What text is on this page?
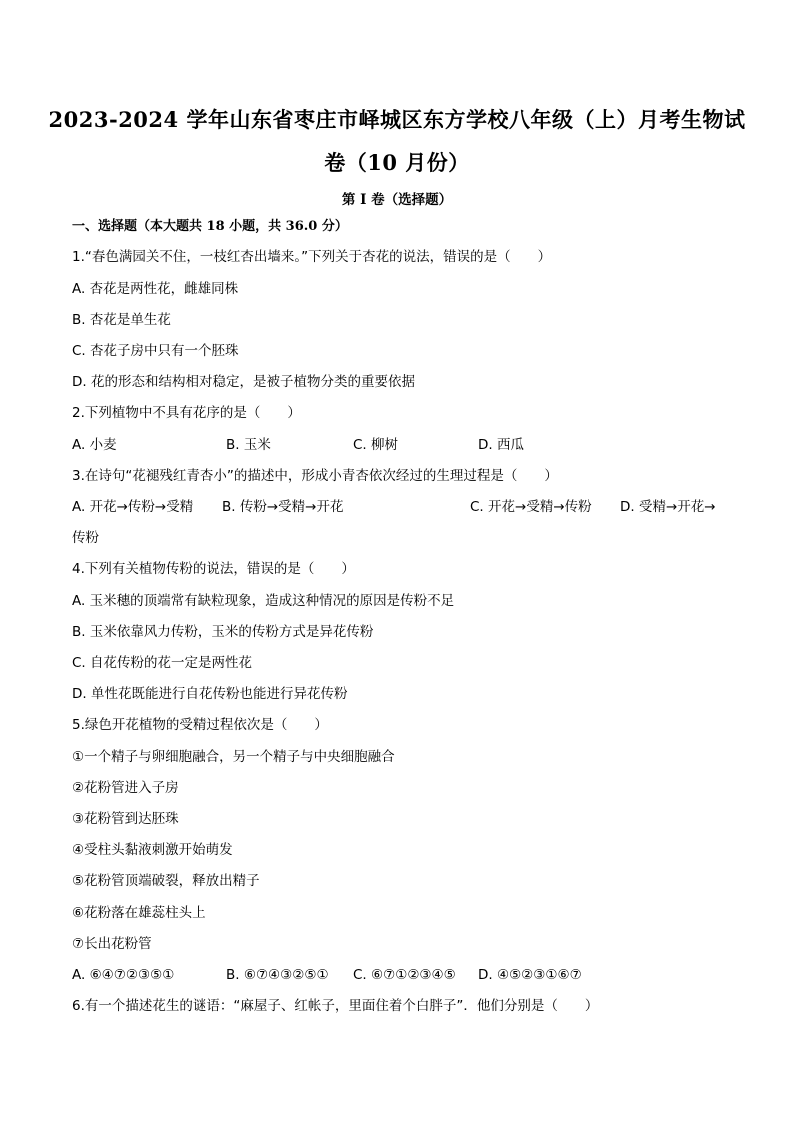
2023-2024 学年山东省枣庄市峄城区东方学校八年级（上）月考生物试
卷（10 月份）
第 I 卷（选择题）
一、选择题（本大题共 18 小题，共 36.0 分）
1.“春色满园关不住，一枝红杏出墙来。”下列关于杏花的说法，错误的是（　　）
A. 杏花是两性花，雌雄同株
B. 杏花是单生花
C. 杏花子房中只有一个胚珠
D. 花的形态和结构相对稳定，是被子植物分类的重要依据
2.下列植物中不具有花序的是（　　）
A. 小麦	B. 玉米	C. 柳树	D. 西瓜
3.在诗句“花褪残红青杏小”的描述中，形成小青杏依次经过的生理过程是（　　）
A. 开花→传粉→受精 B. 传粉→受精→开花	C. 开花→受精→传粉 D. 受精→开花→
传粉
4.下列有关植物传粉的说法，错误的是（　　）
A. 玉米穗的顶端常有缺粒现象，造成这种情况的原因是传粉不足
B. 玉米依靠风力传粉，玉米的传粉方式是异花传粉
C. 自花传粉的花一定是两性花
D. 单性花既能进行自花传粉也能进行异花传粉
5.绿色开花植物的受精过程依次是（　　）
①一个精子与卵细胞融合，另一个精子与中央细胞融合
②花粉管进入子房
③花粉管到达胚珠
④受柱头黏液刺激开始萌发
⑤花粉管顶端破裂，释放出精子
⑥花粉落在雄蕊柱头上
⑦长出花粉管
A. ⑥④⑦②③⑤①	B. ⑥⑦④③②⑤① C. ⑥⑦①②③④⑤ D. ④⑤②③①⑥⑦
6.有一个描述花生的谜语：“麻屋子、红帐子，里面住着个白胖子”．他们分别是（　　）
